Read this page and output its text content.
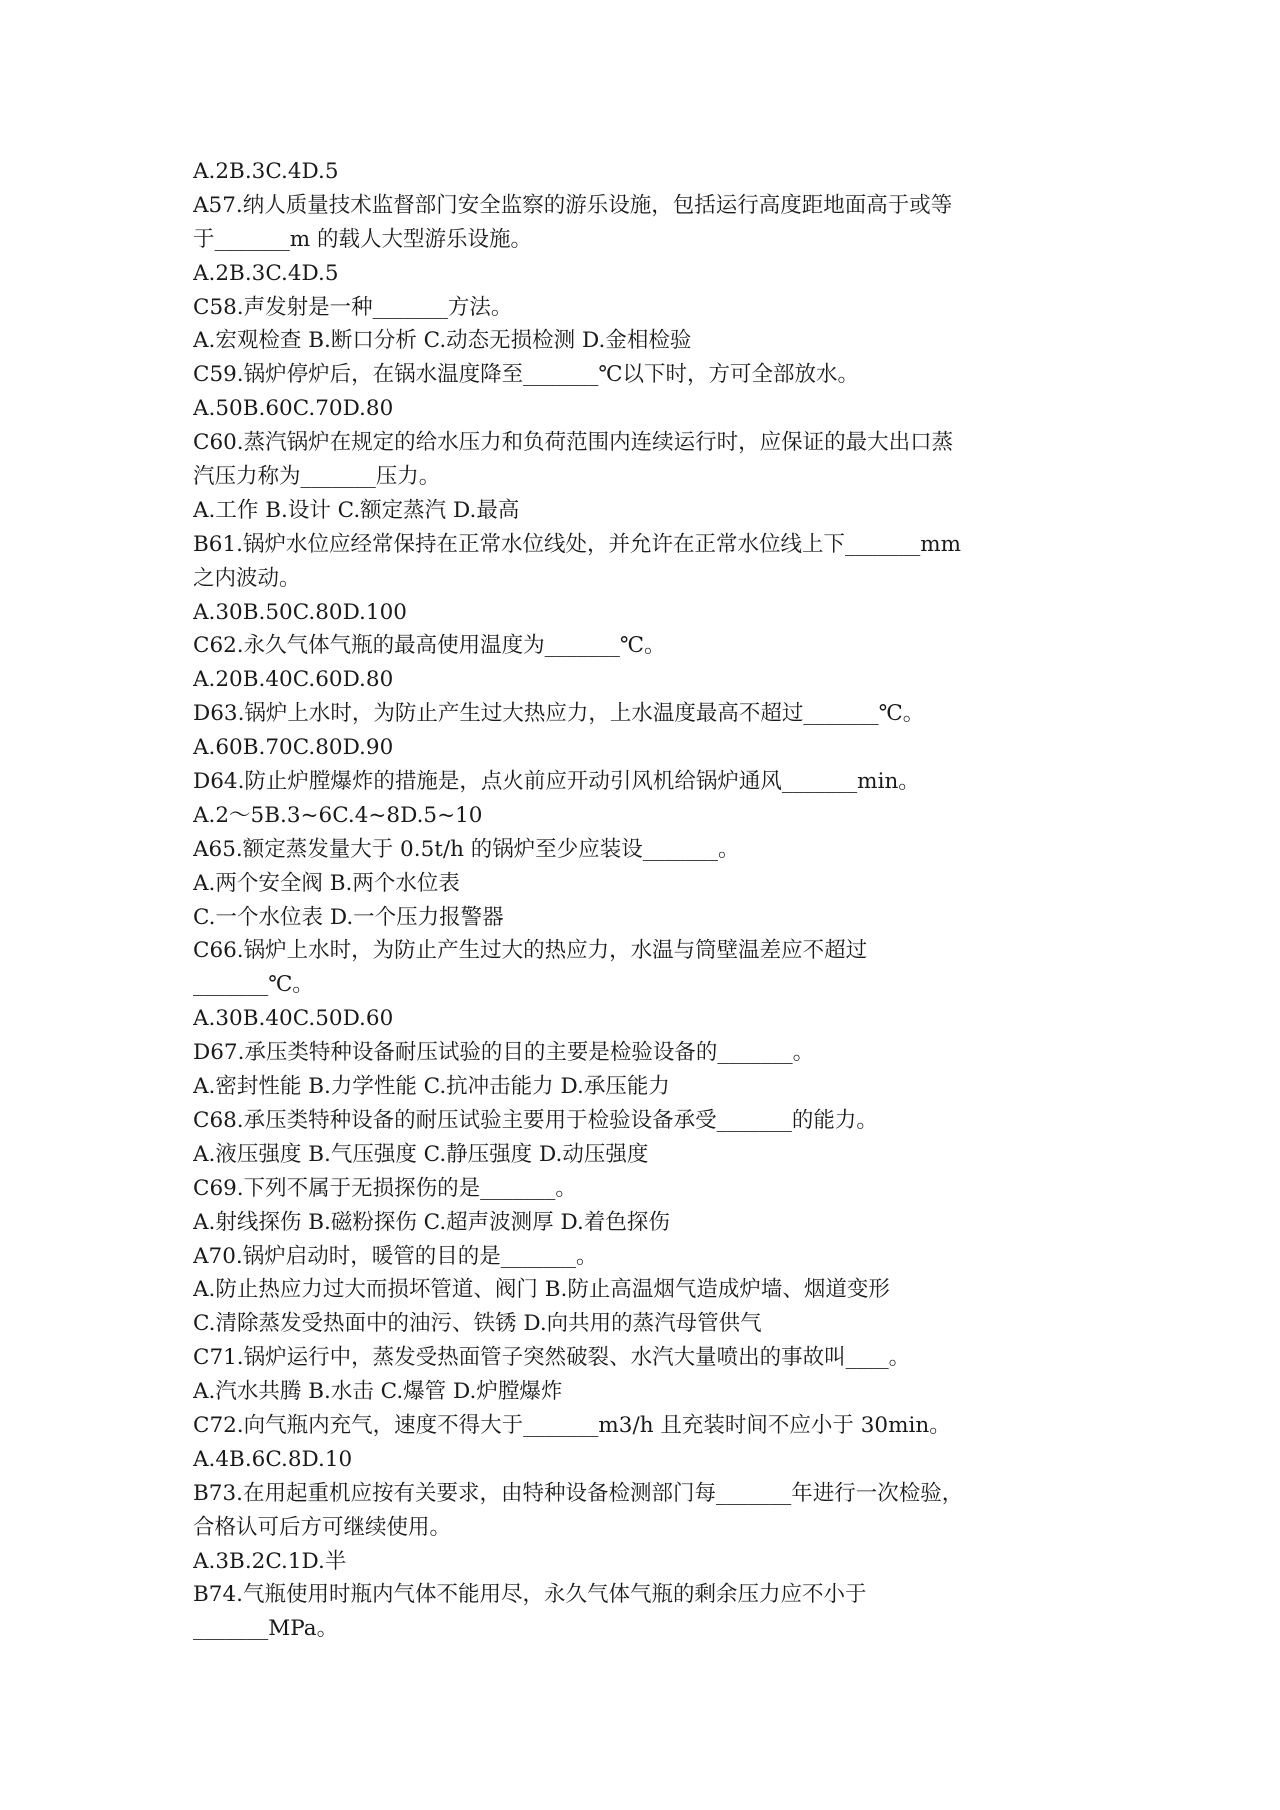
A.2B.3C.4D.5
A57.纳人质量技术监督部门安全监察的游乐设施，包括运行高度距地面高于或等
于_______m 的载人大型游乐设施。
A.2B.3C.4D.5
C58.声发射是一种_______方法。
A.宏观检查 B.断口分析 C.动态无损检测 D.金相检验
C59.锅炉停炉后，在锅水温度降至_______℃以下时，方可全部放水。
A.50B.60C.70D.80
C60.蒸汽锅炉在规定的给水压力和负荷范围内连续运行时，应保证的最大出口蒸
汽压力称为_______压力。
A.工作 B.设计 C.额定蒸汽 D.最高
B61.锅炉水位应经常保持在正常水位线处，并允许在正常水位线上下_______mm
之内波动。
A.30B.50C.80D.100
C62.永久气体气瓶的最高使用温度为_______℃。
A.20B.40C.60D.80
D63.锅炉上水时，为防止产生过大热应力，上水温度最高不超过_______℃。
A.60B.70C.80D.90
D64.防止炉膛爆炸的措施是，点火前应开动引风机给锅炉通风_______min。
A.2～5B.3~6C.4~8D.5~10
A65.额定蒸发量大于 0.5t/h 的锅炉至少应装设_______。
A.两个安全阀 B.两个水位表
C.一个水位表 D.一个压力报警器
C66.锅炉上水时，为防止产生过大的热应力，水温与筒壁温差应不超过
_______℃。
A.30B.40C.50D.60
D67.承压类特种设备耐压试验的目的主要是检验设备的_______。
A.密封性能 B.力学性能 C.抗冲击能力 D.承压能力
C68.承压类特种设备的耐压试验主要用于检验设备承受_______的能力。
A.液压强度 B.气压强度 C.静压强度 D.动压强度
C69.下列不属于无损探伤的是_______。
A.射线探伤 B.磁粉探伤 C.超声波测厚 D.着色探伤
A70.锅炉启动时，暖管的目的是_______。
A.防止热应力过大而损坏管道、阀门 B.防止高温烟气造成炉墙、烟道变形
C.清除蒸发受热面中的油污、铁锈 D.向共用的蒸汽母管供气
C71.锅炉运行中，蒸发受热面管子突然破裂、水汽大量喷出的事故叫____。
A.汽水共腾 B.水击 C.爆管 D.炉膛爆炸
C72.向气瓶内充气，速度不得大于_______m3/h 且充装时间不应小于 30min。
A.4B.6C.8D.10
B73.在用起重机应按有关要求，由特种设备检测部门每_______年进行一次检验，
合格认可后方可继续使用。
A.3B.2C.1D.半
B74.气瓶使用时瓶内气体不能用尽，永久气体气瓶的剩余压力应不小于
_______MPa。
